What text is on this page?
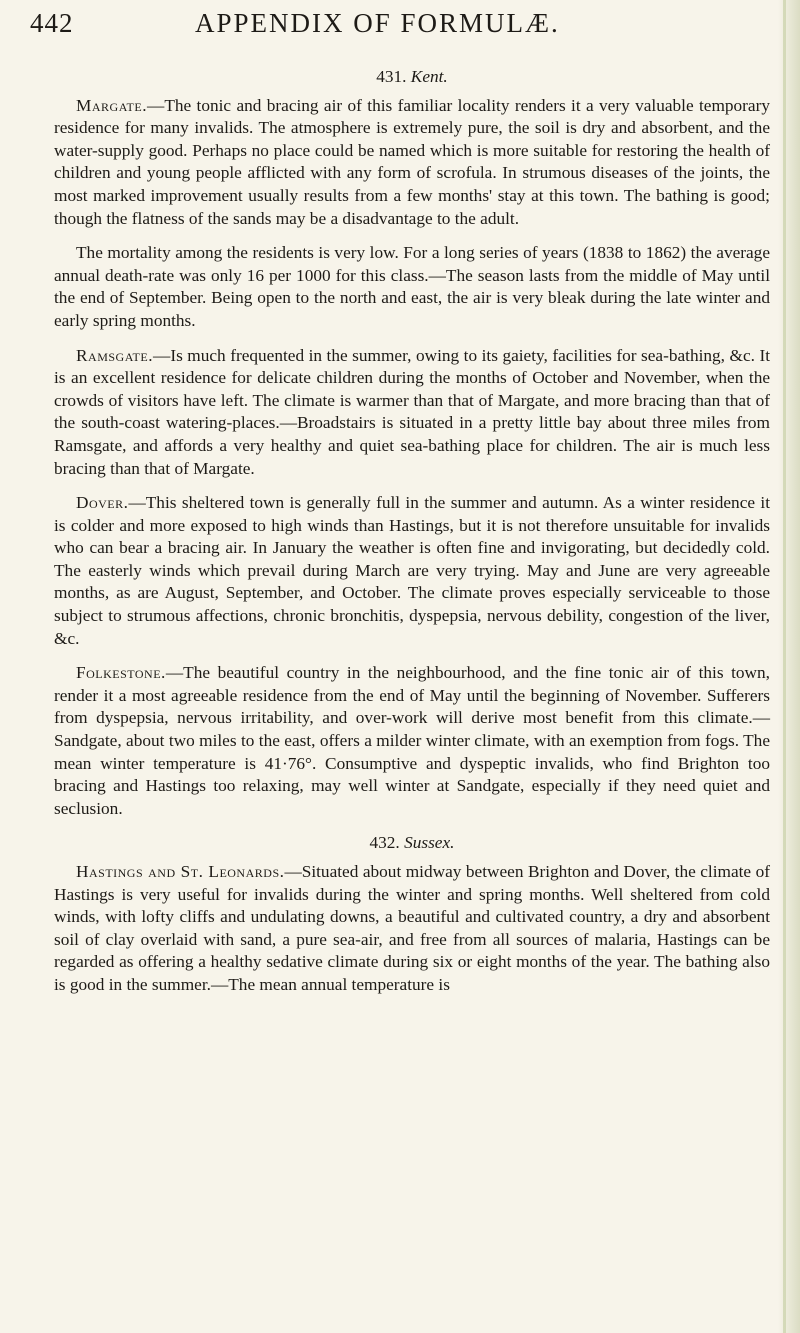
442	APPENDIX OF FORMULÆ.
431. Kent.

Margate.—The tonic and bracing air of this familiar locality renders it a very valuable temporary residence for many invalids. The atmosphere is extremely pure, the soil is dry and absorbent, and the water-supply good. Perhaps no place could be named which is more suitable for restoring the health of children and young people afflicted with any form of scrofula. In strumous diseases of the joints, the most marked improvement usually results from a few months' stay at this town. The bathing is good; though the flatness of the sands may be a disadvantage to the adult.

The mortality among the residents is very low. For a long series of years (1838 to 1862) the average annual death-rate was only 16 per 1000 for this class.—The season lasts from the middle of May until the end of September. Being open to the north and east, the air is very bleak during the late winter and early spring months.

Ramsgate.—Is much frequented in the summer, owing to its gaiety, facilities for sea-bathing, &c. It is an excellent residence for delicate children during the months of October and November, when the crowds of visitors have left. The climate is warmer than that of Margate, and more bracing than that of the south-coast watering-places.—Broadstairs is situated in a pretty little bay about three miles from Ramsgate, and affords a very healthy and quiet sea-bathing place for children. The air is much less bracing than that of Margate.

Dover.—This sheltered town is generally full in the summer and autumn. As a winter residence it is colder and more exposed to high winds than Hastings, but it is not therefore unsuitable for invalids who can bear a bracing air. In January the weather is often fine and invigorating, but decidedly cold. The easterly winds which prevail during March are very trying. May and June are very agreeable months, as are August, September, and October. The climate proves especially serviceable to those subject to strumous affections, chronic bronchitis, dyspepsia, nervous debility, congestion of the liver, &c.

Folkestone.—The beautiful country in the neighbourhood, and the fine tonic air of this town, render it a most agreeable residence from the end of May until the beginning of November. Sufferers from dyspepsia, nervous irritability, and over-work will derive most benefit from this climate.—Sandgate, about two miles to the east, offers a milder winter climate, with an exemption from fogs. The mean winter temperature is 41·76°. Consumptive and dyspeptic invalids, who find Brighton too bracing and Hastings too relaxing, may well winter at Sandgate, especially if they need quiet and seclusion.

432. Sussex.

Hastings and St. Leonards.—Situated about midway between Brighton and Dover, the climate of Hastings is very useful for invalids during the winter and spring months. Well sheltered from cold winds, with lofty cliffs and undulating downs, a beautiful and cultivated country, a dry and absorbent soil of clay overlaid with sand, a pure sea-air, and free from all sources of malaria, Hastings can be regarded as offering a healthy sedative climate during six or eight months of the year. The bathing also is good in the summer.—The mean annual temperature is
